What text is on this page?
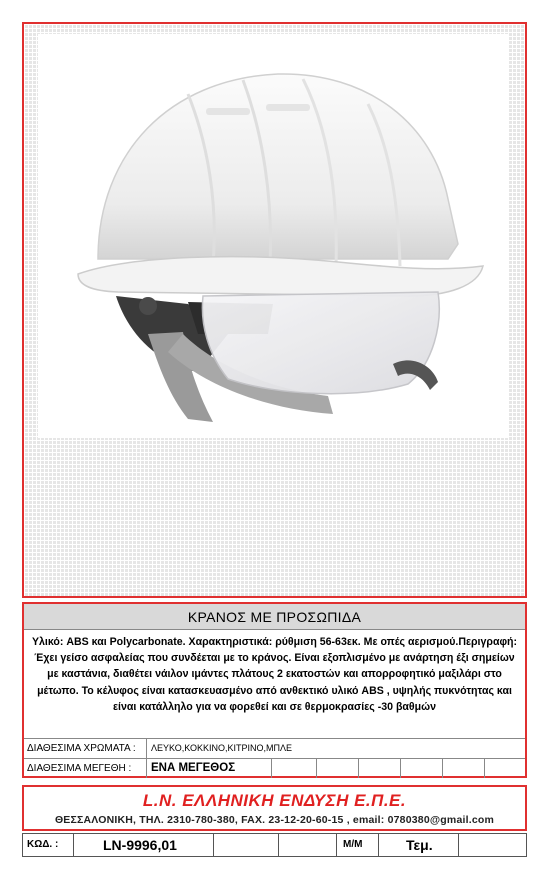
ΚΡΑΝΟΣ ΜΕ ΠΡΟΣΩΠΙΔΑ
Υλικό: ABS και Polycarbonate. Χαρακτηριστικά: ρύθμιση 56-63εκ. Με οπές αερισμού.Περιγραφή: Έχει γείσο ασφαλείας που συνδέεται με το κράνος. Είναι εξοπλισμένο με ανάρτηση έξι σημείων με καστάνια, διαθέτει νάιλον ιμάντες πλάτους 2 εκατοστών και απορροφητικό μαξιλάρι στο μέτωπο. Το κέλυφος είναι κατασκευασμένο από ανθεκτικό υλικό ABS , υψηλής πυκνότητας και είναι κατάλληλο για να φορεθεί και σε θερμοκρασίες -30 βαθμών
ΔΙΑΘΕΣΙΜΑ ΧΡΩΜΑΤΑ :	ΛΕΥΚΟ,ΚΟΚΚΙΝΟ,ΚΙΤΡΙΝΟ,ΜΠΛΕ
ΔΙΑΘΕΣΙΜΑ ΜΕΓΕΘΗ :	ΕΝΑ ΜΕΓΕΘΟΣ
L.N. ΕΛΛΗΝΙΚΗ ΕΝΔΥΣΗ Ε.Π.Ε.
ΘΕΣΣΑΛΟΝΙΚΗ, ΤΗΛ. 2310-780-380, FAX. 23-12-20-60-15 , email: 0780380@gmail.com
ΚΩΔ. :	LN-9996,01	Μ/Μ	Τεμ.
